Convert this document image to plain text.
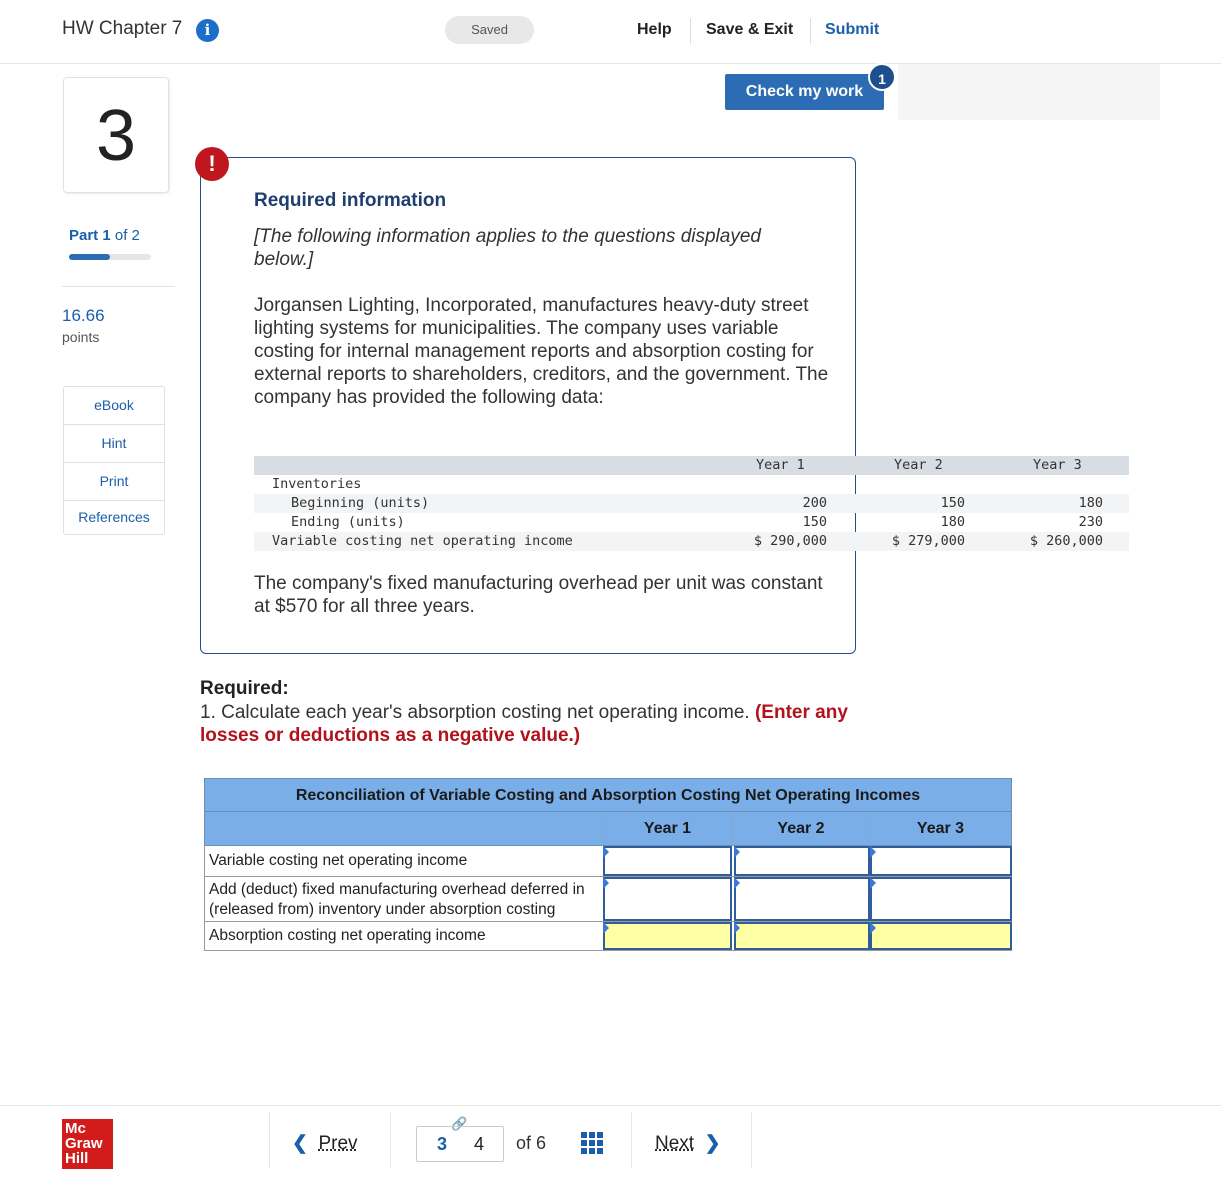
HW Chapter 7	i	Saved	Help Save & Exit Submit
Check my work
1
3
Part 1 of 2
16.66
points
eBook
Hint
Print
References
!
Required information
[The following information applies to the questions displayed below.]
Jorgansen Lighting, Incorporated, manufactures heavy-duty street lighting systems for municipalities. The company uses variable costing for internal management reports and absorption costing for external reports to shareholders, creditors, and the government. The company has provided the following data:
Year 1	Year 2	Year 3
Inventories
Beginning (units)	200	150	180
Ending (units)	150	180	230
Variable costing net operating income	$ 290,000	$ 279,000	$ 260,000
The company's fixed manufacturing overhead per unit was constant at $570 for all three years.
Required:
1. Calculate each year's absorption costing net operating income. (Enter any losses or deductions as a negative value.)
Reconciliation of Variable Costing and Absorption Costing Net Operating Incomes
Year 1	Year 2	Year 3
Variable costing net operating income
Add (deduct) fixed manufacturing overhead deferred in (released from) inventory under absorption costing
Absorption costing net operating income
Mc
Graw
Hill
❮ Prev
🔗
3 4 of 6	Next ❯
